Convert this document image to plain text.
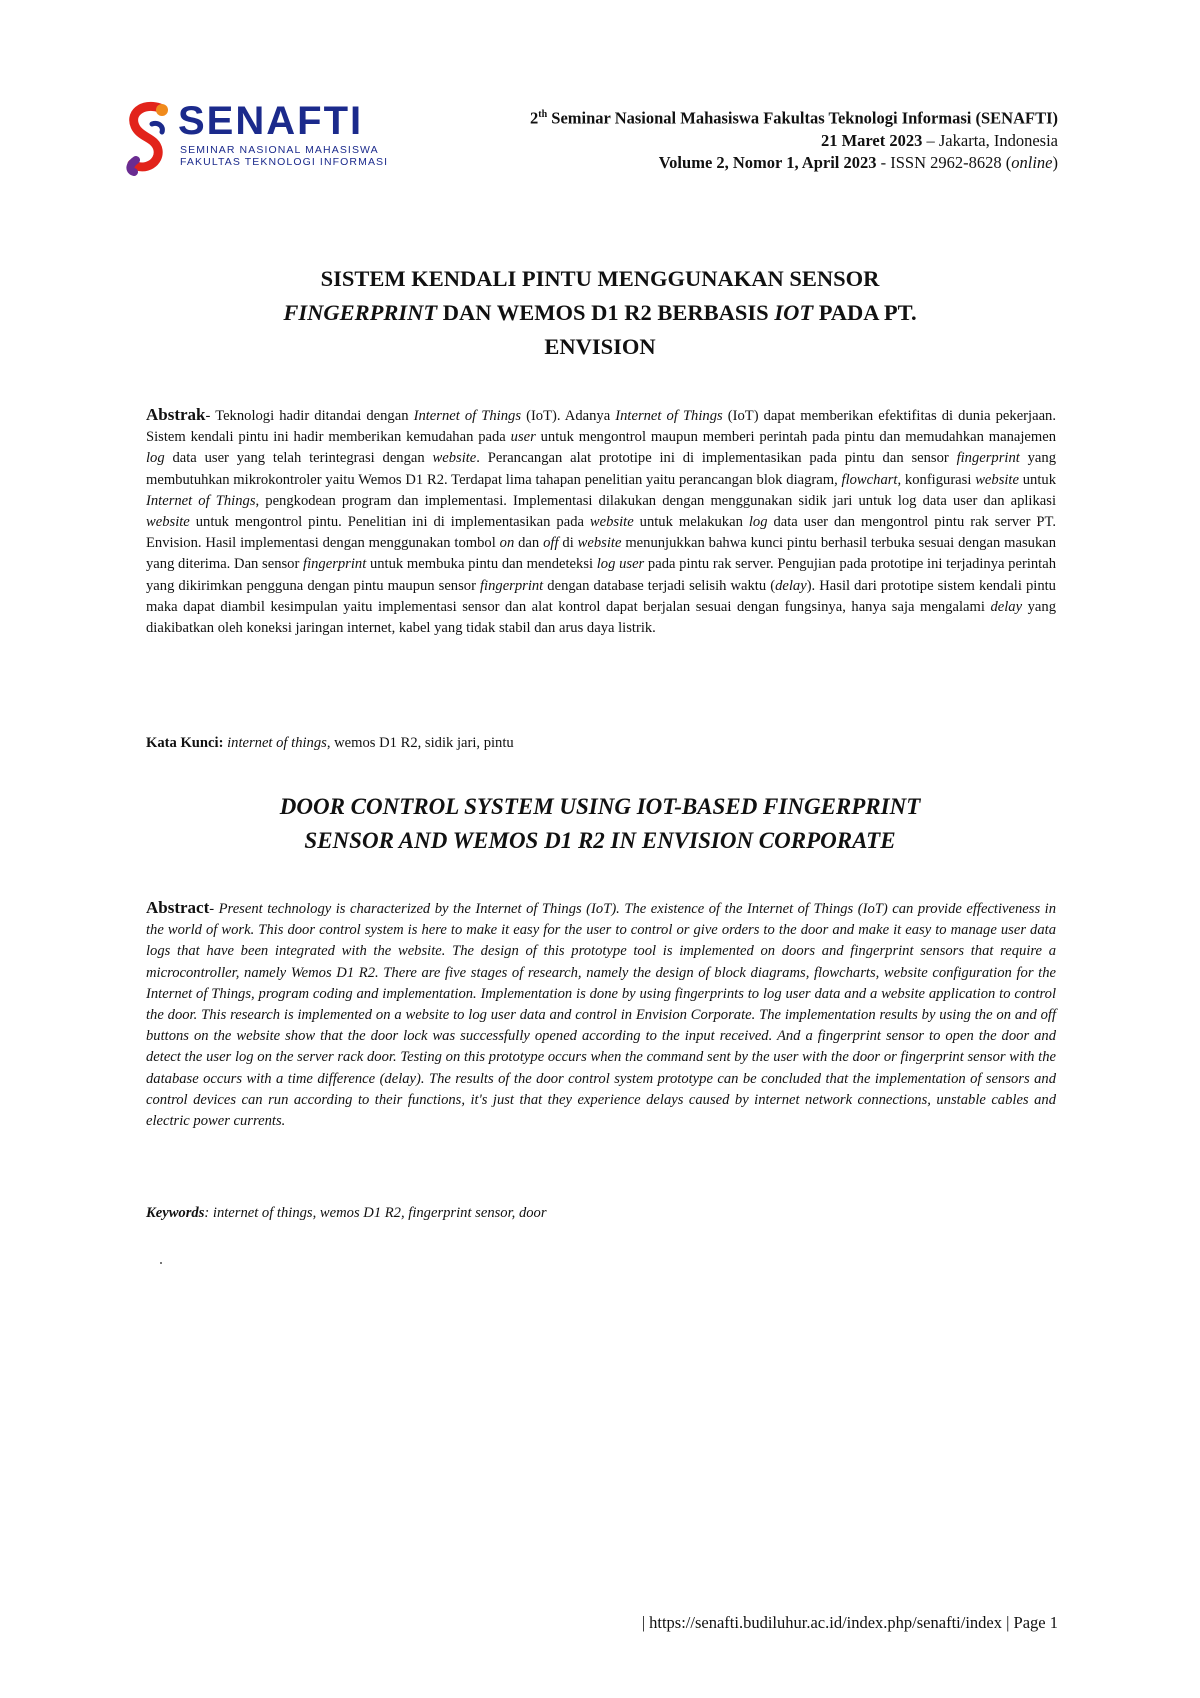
SENAFTI
SEMINAR NASIONAL MAHASISWA
FAKULTAS TEKNOLOGI INFORMASI
2th Seminar Nasional Mahasiswa Fakultas Teknologi Informasi (SENAFTI)
21 Maret 2023 – Jakarta, Indonesia
Volume 2, Nomor 1, April 2023 - ISSN 2962-8628 (online)
SISTEM KENDALI PINTU MENGGUNAKAN SENSOR
FINGERPRINT DAN WEMOS D1 R2 BERBASIS IOT PADA PT.
ENVISION
Abstrak- Teknologi hadir ditandai dengan Internet of Things (IoT). Adanya Internet of Things (IoT) dapat memberikan efektifitas di dunia pekerjaan. Sistem kendali pintu ini hadir memberikan kemudahan pada user untuk mengontrol maupun memberi perintah pada pintu dan memudahkan manajemen log data user yang telah terintegrasi dengan website. Perancangan alat prototipe ini di implementasikan pada pintu dan sensor fingerprint yang membutuhkan mikrokontroler yaitu Wemos D1 R2. Terdapat lima tahapan penelitian yaitu perancangan blok diagram, flowchart, konfigurasi website untuk Internet of Things, pengkodean program dan implementasi. Implementasi dilakukan dengan menggunakan sidik jari untuk log data user dan aplikasi website untuk mengontrol pintu. Penelitian ini di implementasikan pada website untuk melakukan log data user dan mengontrol pintu rak server PT. Envision. Hasil implementasi dengan menggunakan tombol on dan off di website menunjukkan bahwa kunci pintu berhasil terbuka sesuai dengan masukan yang diterima. Dan sensor fingerprint untuk membuka pintu dan mendeteksi log user pada pintu rak server. Pengujian pada prototipe ini terjadinya perintah yang dikirimkan pengguna dengan pintu maupun sensor fingerprint dengan database terjadi selisih waktu (delay). Hasil dari prototipe sistem kendali pintu maka dapat diambil kesimpulan yaitu implementasi sensor dan alat kontrol dapat berjalan sesuai dengan fungsinya, hanya saja mengalami delay yang diakibatkan oleh koneksi jaringan internet, kabel yang tidak stabil dan arus daya listrik.
Kata Kunci: internet of things, wemos D1 R2, sidik jari, pintu
DOOR CONTROL SYSTEM USING IOT-BASED FINGERPRINT
SENSOR AND WEMOS D1 R2 IN ENVISION CORPORATE
Abstract- Present technology is characterized by the Internet of Things (IoT). The existence of the Internet of Things (IoT) can provide effectiveness in the world of work. This door control system is here to make it easy for the user to control or give orders to the door and make it easy to manage user data logs that have been integrated with the website. The design of this prototype tool is implemented on doors and fingerprint sensors that require a microcontroller, namely Wemos D1 R2. There are five stages of research, namely the design of block diagrams, flowcharts, website configuration for the Internet of Things, program coding and implementation. Implementation is done by using fingerprints to log user data and a website application to control the door. This research is implemented on a website to log user data and control in Envision Corporate. The implementation results by using the on and off buttons on the website show that the door lock was successfully opened according to the input received. And a fingerprint sensor to open the door and detect the user log on the server rack door. Testing on this prototype occurs when the command sent by the user with the door or fingerprint sensor with the database occurs with a time difference (delay). The results of the door control system prototype can be concluded that the implementation of sensors and control devices can run according to their functions, it's just that they experience delays caused by internet network connections, unstable cables and electric power currents.
Keywords: internet of things, wemos D1 R2, fingerprint sensor, door
| https://senafti.budiluhur.ac.id/index.php/senafti/index | Page 1
